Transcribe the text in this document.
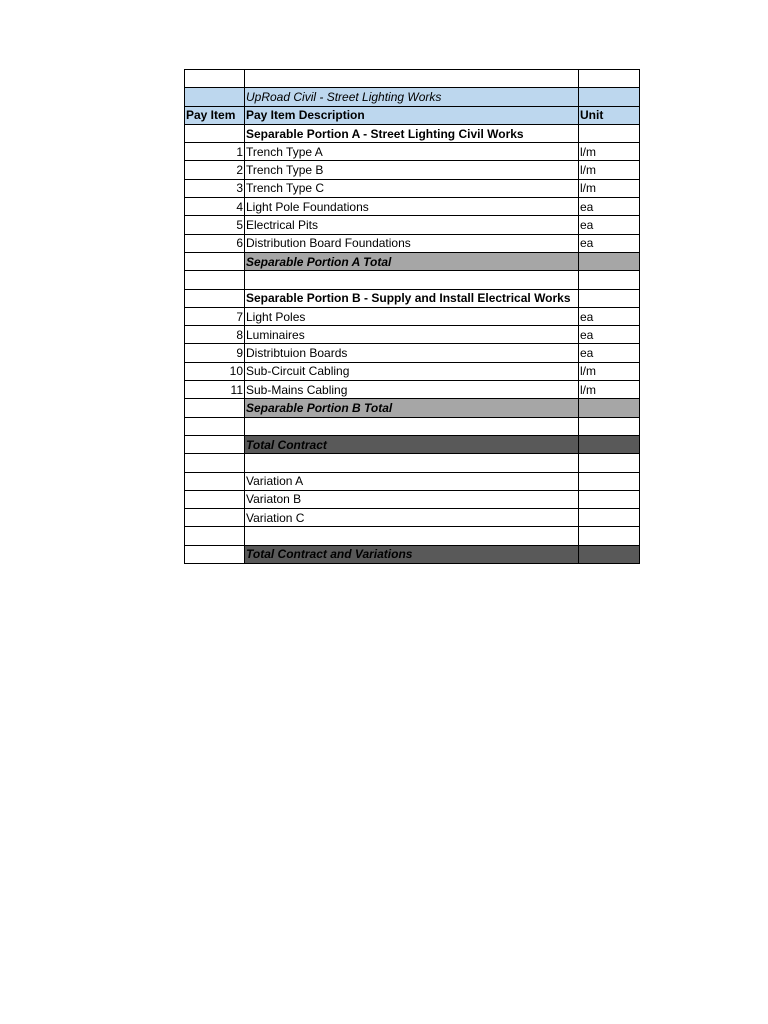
	UpRoad Civil - Street Lighting Works	
Pay Item	Pay Item Description	Unit
	Separable Portion A - Street Lighting Civil Works	
1	Trench Type A	l/m
2	Trench Type B	l/m
3	Trench Type C	l/m
4	Light Pole Foundations	ea
5	Electrical Pits	ea
6	Distribution Board Foundations	ea
	Separable Portion A Total	

	Separable Portion B - Supply and Install Electrical Works	
7	Light Poles	ea
8	Luminaires	ea
9	Distribtuion Boards	ea
10	Sub-Circuit Cabling	l/m
11	Sub-Mains Cabling	l/m
	Separable Portion B Total	

	Total Contract	

	Variation A	
	Variaton B	
	Variation C	

	Total Contract and Variations	
